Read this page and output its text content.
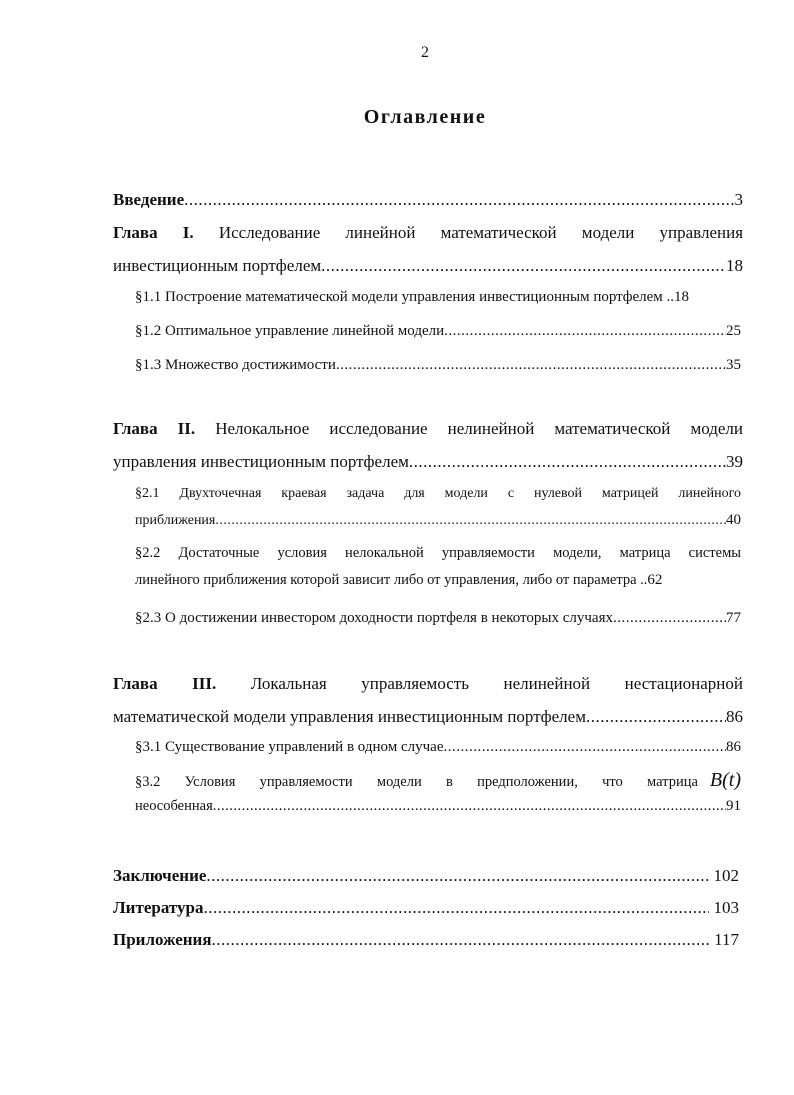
2
Оглавление
Введение .....	3
Глава I. Исследование линейной математической модели управления
инвестиционным портфелем .....	18
§1.1 Построение математической модели управления инвестиционным портфелем .. 18
§1.2 Оптимальное управление линейной модели .....	25
§1.3 Множество достижимости .....	35
Глава II. Нелокальное исследование нелинейной математической модели
управления инвестиционным портфелем .....	39
§2.1 Двухточечная краевая задача для модели с нулевой матрицей линейного
приближения .....	40
§2.2 Достаточные условия нелокальной управляемости модели, матрица системы
линейного приближения которой зависит либо от управления, либо от параметра .. 62
§2.3 О достижении инвестором доходности портфеля в некоторых случаях .....	77
Глава III. Локальная управляемость нелинейной нестационарной
математической модели управления инвестиционным портфелем .....	86
§3.1 Существование управлений в одном случае .....	86
§3.2 Условия управляемости модели в предположении, что матрица B(t)
неособенная .....	91
Заключение .....	102
Литература .....	103
Приложения .....	117
